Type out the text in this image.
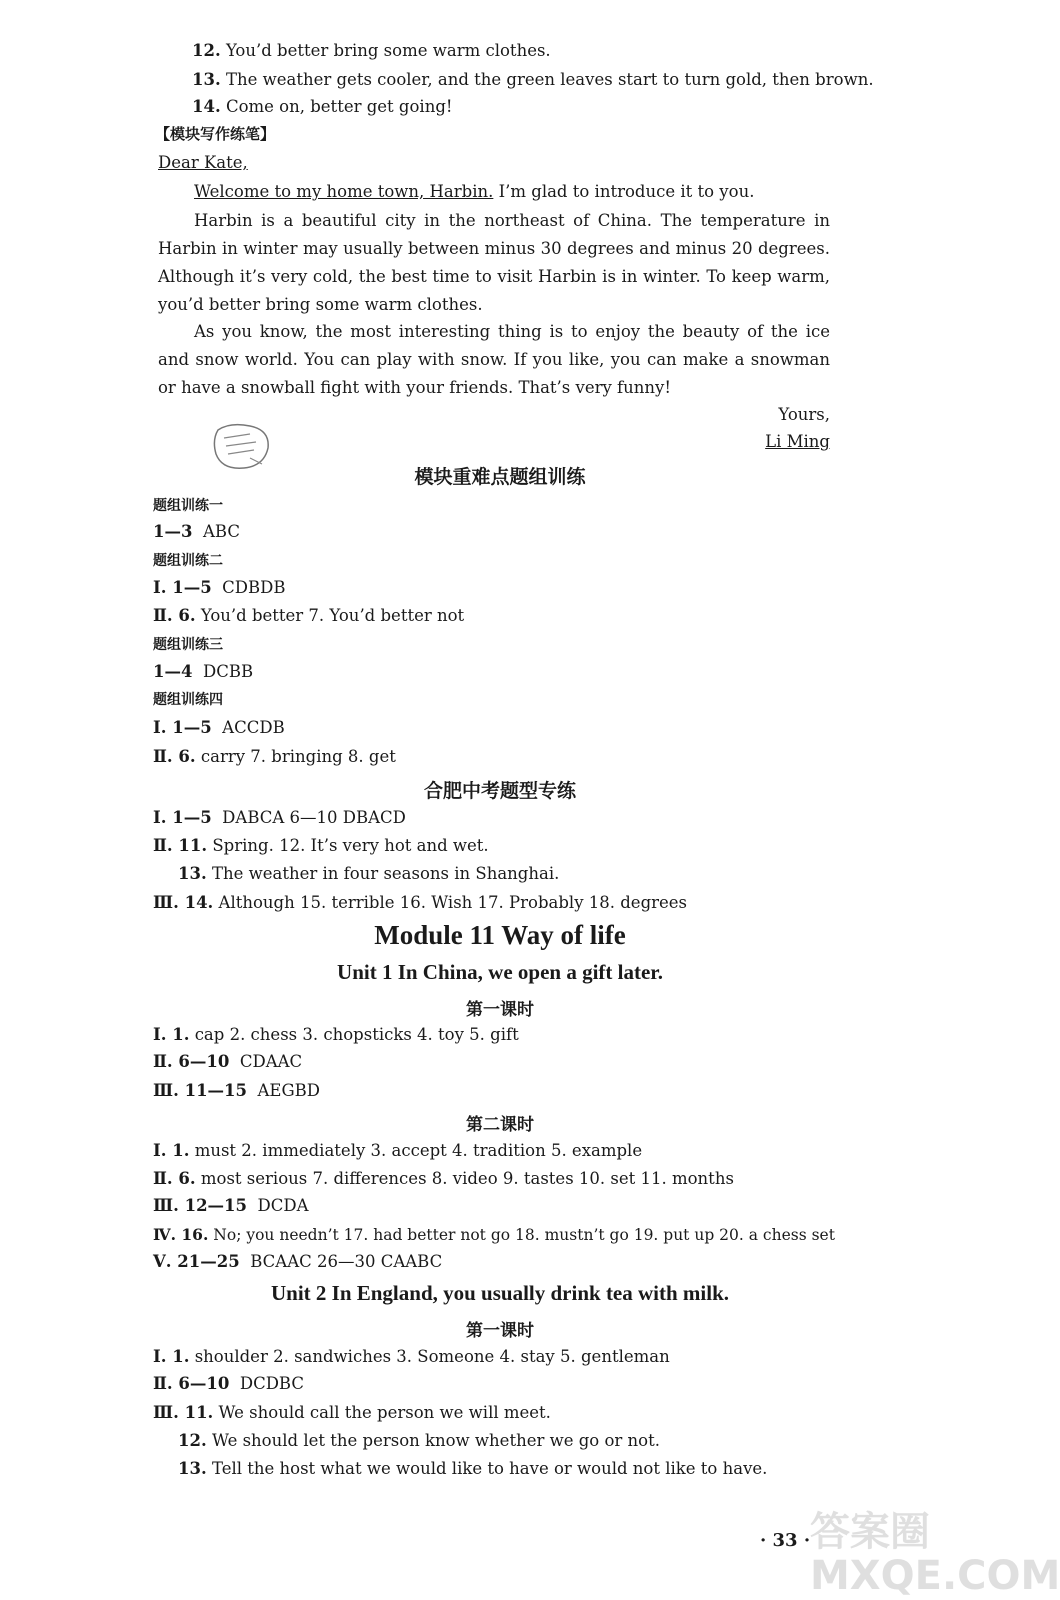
12. You’d better bring some warm clothes.
13. The weather gets cooler, and the green leaves start to turn gold, then brown.
14. Come on, better get going!
【模块写作练笔】
Dear Kate,
Welcome to my home town, Harbin. I’m glad to introduce it to you.
Harbin is a beautiful city in the northeast of China. The temperature in Harbin in winter may usually between minus 30 degrees and minus 20 degrees. Although it’s very cold, the best time to visit Harbin is in winter. To keep warm, you’d better bring some warm clothes.
As you know, the most interesting thing is to enjoy the beauty of the ice and snow world. You can play with snow. If you like, you can make a snowman or have a snowball fight with your friends. That’s very funny!
Yours,
Li Ming
模块重难点题组训练
题组训练一
1—3 ABC
题组训练二
Ⅰ. 1—5 CDBDB
Ⅱ. 6. You’d better 7. You’d better not
题组训练三
1—4 DCBB
题组训练四
Ⅰ. 1—5 ACCDB
Ⅱ. 6. carry 7. bringing 8. get
合肥中考题型专练
Ⅰ. 1—5 DABCA 6—10 DBACD
Ⅱ. 11. Spring. 12. It’s very hot and wet.
13. The weather in four seasons in Shanghai.
Ⅲ. 14. Although 15. terrible 16. Wish 17. Probably 18. degrees
Module 11 Way of life
Unit 1 In China, we open a gift later.
第一课时
Ⅰ. 1. cap 2. chess 3. chopsticks 4. toy 5. gift
Ⅱ. 6—10 CDAAC
Ⅲ. 11—15 AEGBD
第二课时
Ⅰ. 1. must 2. immediately 3. accept 4. tradition 5. example
Ⅱ. 6. most serious 7. differences 8. video 9. tastes 10. set 11. months
Ⅲ. 12—15 DCDA
Ⅳ. 16. No; you needn’t 17. had better not go 18. mustn’t go 19. put up 20. a chess set
Ⅴ. 21—25 BCAAC 26—30 CAABC
Unit 2 In England, you usually drink tea with milk.
第一课时
Ⅰ. 1. shoulder 2. sandwiches 3. Someone 4. stay 5. gentleman
Ⅱ. 6—10 DCDBC
Ⅲ. 11. We should call the person we will meet.
12. We should let the person know whether we go or not.
13. Tell the host what we would like to have or would not like to have.
· 33 · 答案圈 MXQE.COM
